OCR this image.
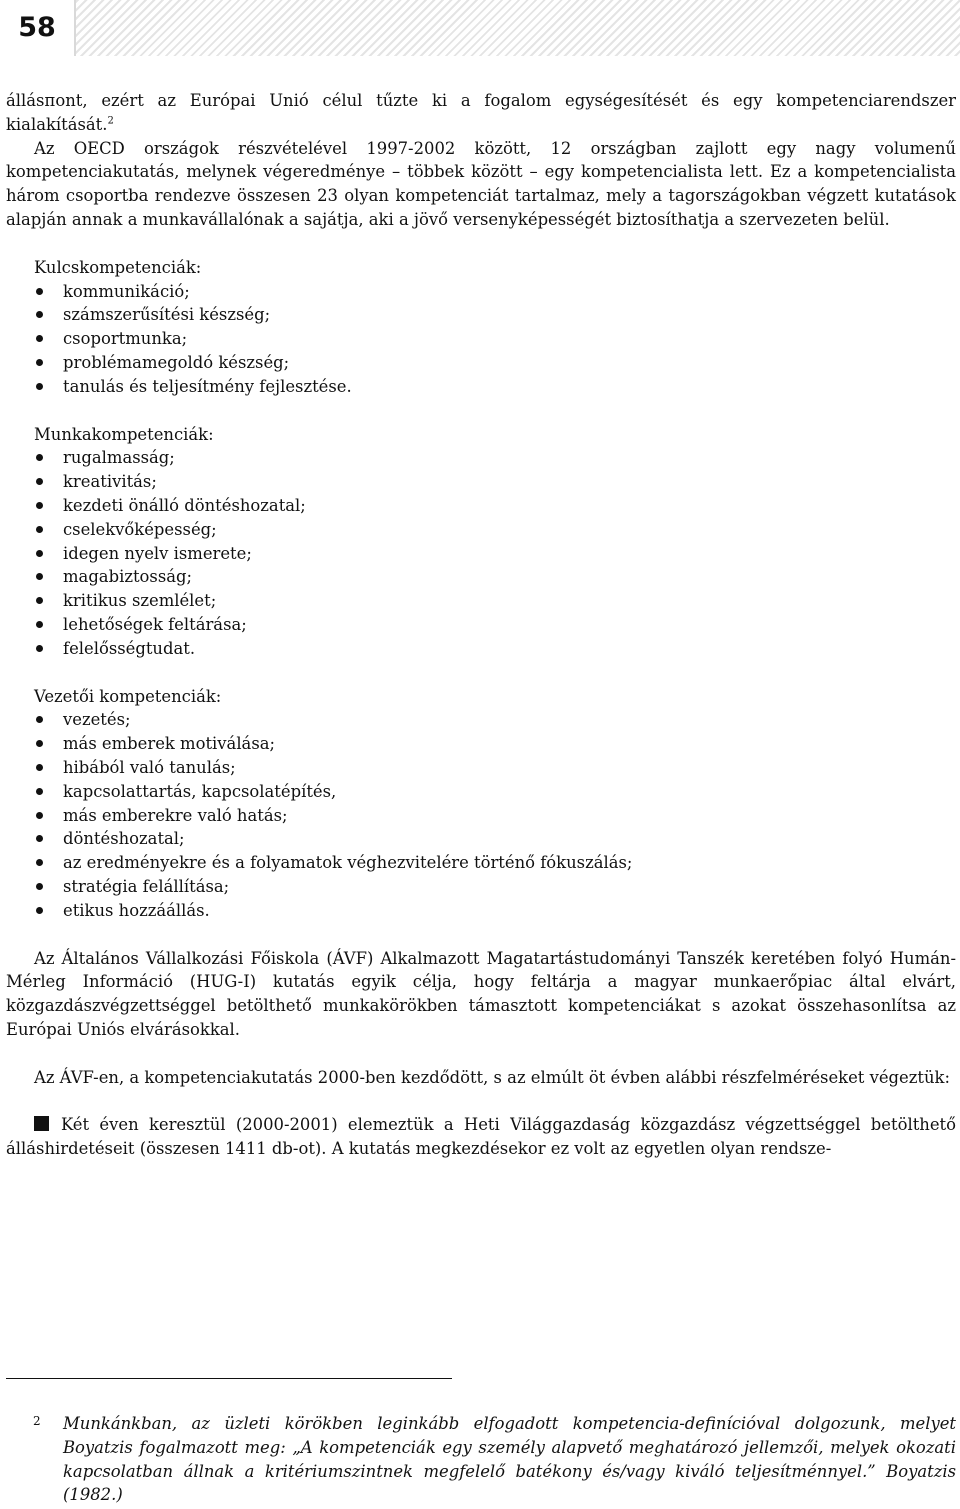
58

állásпont, ezért az Európai Unió célul tűzte ki a fogalom egységesítését és egy kompetenciarendszer kialakítását.$^2$

Az OECD országok részvételével 1997-2002 között, 12 országban zajlott egy nagy volumenű kompetenciakutatás, melynek végeredménye – többek között – egy kompetencialista lett. Ez a kompetencialista három csoportba rendezve összesen 23 olyan kompetenciát tartalmaz, mely a tagországokban végzett kutatások alapján annak a munkavállalónak a sajátja, aki a jövő versenyképességét biztosíthatja a szervezeten belül.

Kulcskompetenciák:
kommunikáció;
számszerűsítési készség;
csoportmunka;
problémamegoldó készség;
tanulás és teljesítmény fejlesztése.
Munkakompetenciák:
rugalmasság;
kreativitás;
kezdeti önálló döntéshozatal;
cselekvőképesség;
idegen nyelv ismerete;
magabiztosság;
kritikus szemlélet;
lehetőségek feltárása;
felelősségtudat.
Vezetői kompetenciák:
vezetés;
más emberek motiválása;
hibából való tanulás;
kapcsolattartás, kapcsolatépítés,
más emberekre való hatás;
döntéshozatal;
az eredményekre és a folyamatok véghezvitelére történő fókuszálás;
stratégia felállítása;
etikus hozzáállás.

Az Általános Vállalkozási Főiskola (ÁVF) Alkalmazott Magatartástudományi Tanszék keretében folyó Humán-Mérleg Információ (HUG-I) kutatás egyik célja, hogy feltárja a magyar munkaerőpiac által elvárt, közgazdászvégzettséggel betölthető munkakörökben támasztott kompetenciákat s azokat összehasonlítsa az Európai Uniós elvárásokkal.

Az ÁVF-en, a kompetenciakutatás 2000-ben kezdődött, s az elmúlt öt évben alábbi részfelméréseket végeztük:

Két éven keresztül (2000-2001) elemeztük a Heti Világgazdaság közgazdász végzettséggel betölthető álláshirdetéseit (összesen 1411 db-ot). A kutatás megkezdésekor ez volt az egyetlen olyan rendsze-

2 Munkánkban, az üzleti körökben leginkább elfogadott kompetencia-definícióval dolgozunk, melyet Boyatzis fogalmazott meg: „A kompetenciák egy személy alapvető meghatározó jellemzői, melyek okozati kapcsolatban állnak a kritériumszintnek megfelelő batékony és/vagy kiváló teljesítménnyel.” Boyatzis (1982.)
